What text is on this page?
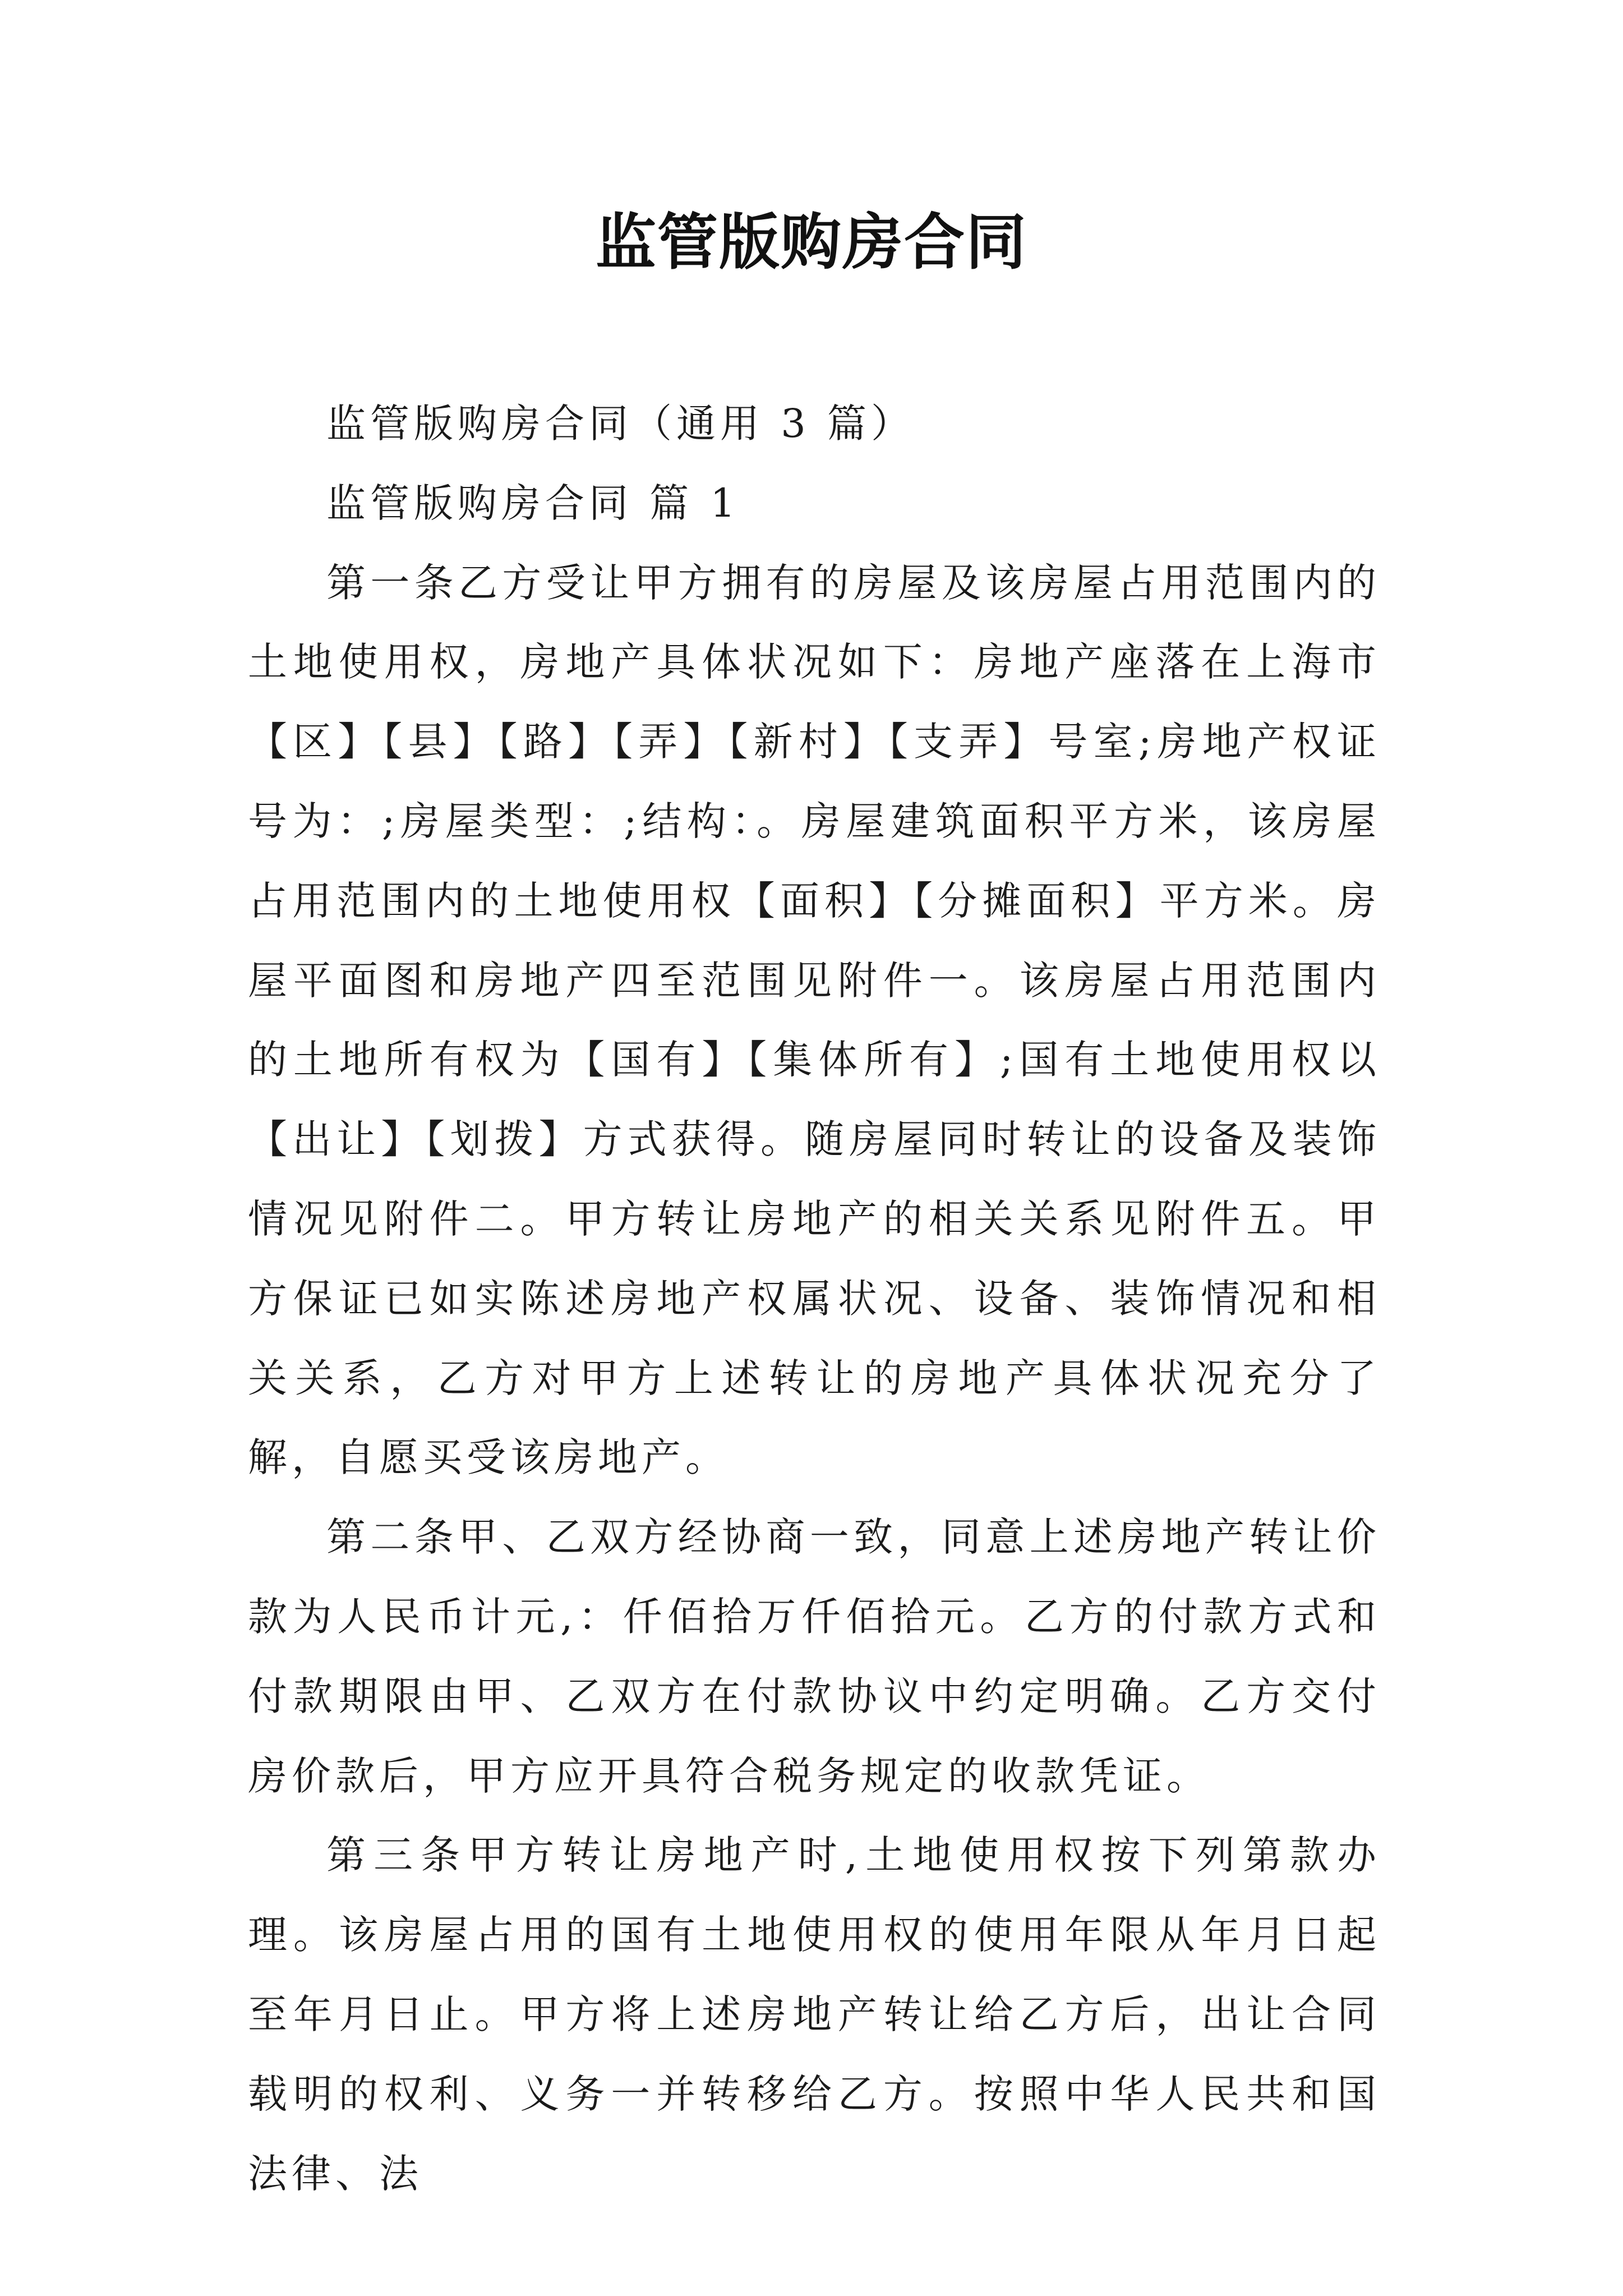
监管版购房合同

监管版购房合同（通用 3 篇）

监管版购房合同 篇 1

第一条乙方受让甲方拥有的房屋及该房屋占用范围内的土地使用权，房地产具体状况如下：房地产座落在上海市【区】【县】【路】【弄】【新村】【支弄】号室;房地产权证号为：;房屋类型：;结构：。房屋建筑面积平方米，该房屋占用范围内的土地使用权【面积】【分摊面积】平方米。房屋平面图和房地产四至范围见附件一。该房屋占用范围内的土地所有权为【国有】【集体所有】;国有土地使用权以【出让】【划拨】方式获得。随房屋同时转让的设备及装饰情况见附件二。甲方转让房地产的相关关系见附件五。甲方保证已如实陈述房地产权属状况、设备、装饰情况和相关关系，乙方对甲方上述转让的房地产具体状况充分了解，自愿买受该房地产。

第二条甲、乙双方经协商一致，同意上述房地产转让价款为人民币计元,：仟佰拾万仟佰拾元。乙方的付款方式和付款期限由甲、乙双方在付款协议中约定明确。乙方交付房价款后，甲方应开具符合税务规定的收款凭证。

第三条甲方转让房地产时,土地使用权按下列第款办理。该房屋占用的国有土地使用权的使用年限从年月日起至年月日止。甲方将上述房地产转让给乙方后，出让合同载明的权利、义务一并转移给乙方。按照中华人民共和国法律、法
